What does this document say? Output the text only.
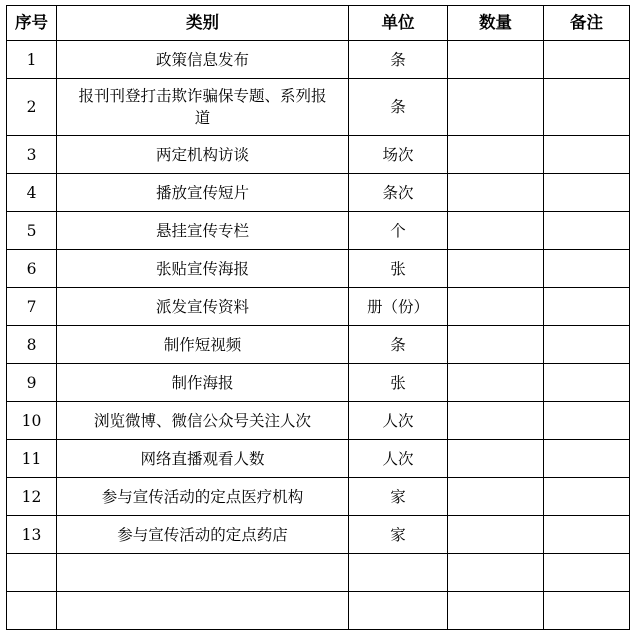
序号	类别	单位	数量	备注
1	政策信息发布	条		
2	报刊刊登打击欺诈骗保专题、系列报道	条		
3	两定机构访谈	场次		
4	播放宣传短片	条次		
5	悬挂宣传专栏	个		
6	张贴宣传海报	张		
7	派发宣传资料	册（份）		
8	制作短视频	条		
9	制作海报	张		
10	浏览微博、微信公众号关注人次	人次		
11	网络直播观看人数	人次		
12	参与宣传活动的定点医疗机构	家		
13	参与宣传活动的定点药店	家		
